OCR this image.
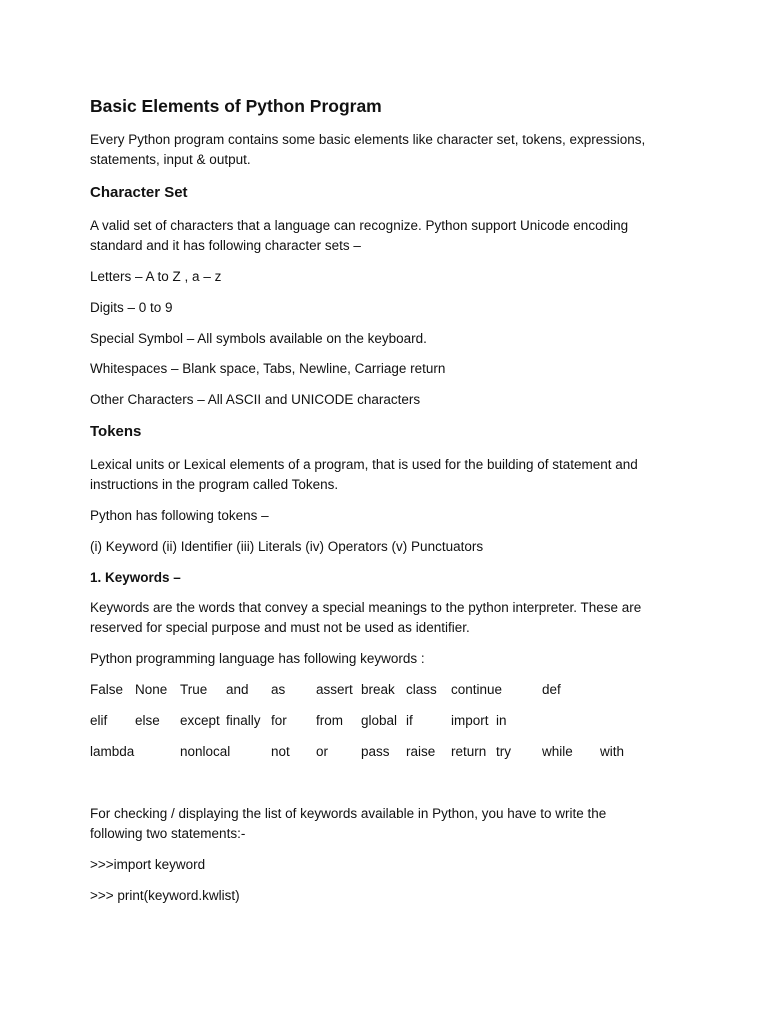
Basic Elements of Python Program

Every Python program contains some basic elements like character set, tokens, expressions,

statements, input & output.

Character Set

A valid set of characters that a language can recognize. Python support Unicode encoding

standard and it has following character sets –

Letters – A to Z , a – z

Digits – 0 to 9

Special Symbol – All symbols available on the keyboard.

Whitespaces – Blank space, Tabs, Newline, Carriage return

Other Characters – All ASCII and UNICODE characters

Tokens

Lexical units or Lexical elements of a program, that is used for the building of statement and

instructions in the program called Tokens.

Python has following tokens –

(i) Keyword (ii) Identifier (iii) Literals (iv) Operators (v) Punctuators

1. Keywords –

Keywords are the words that convey a special meanings to the python interpreter. These are

reserved for special purpose and must not be used as identifier.

Python programming language has following keywords :

False None True and as assert break class continue	def
elif else except finally for from global if	import in
lambda	nonlocal	not or pass raise return try while with

For checking / displaying the list of keywords available in Python, you have to write the

following two statements:-

>>>import keyword

>>> print(keyword.kwlist)
